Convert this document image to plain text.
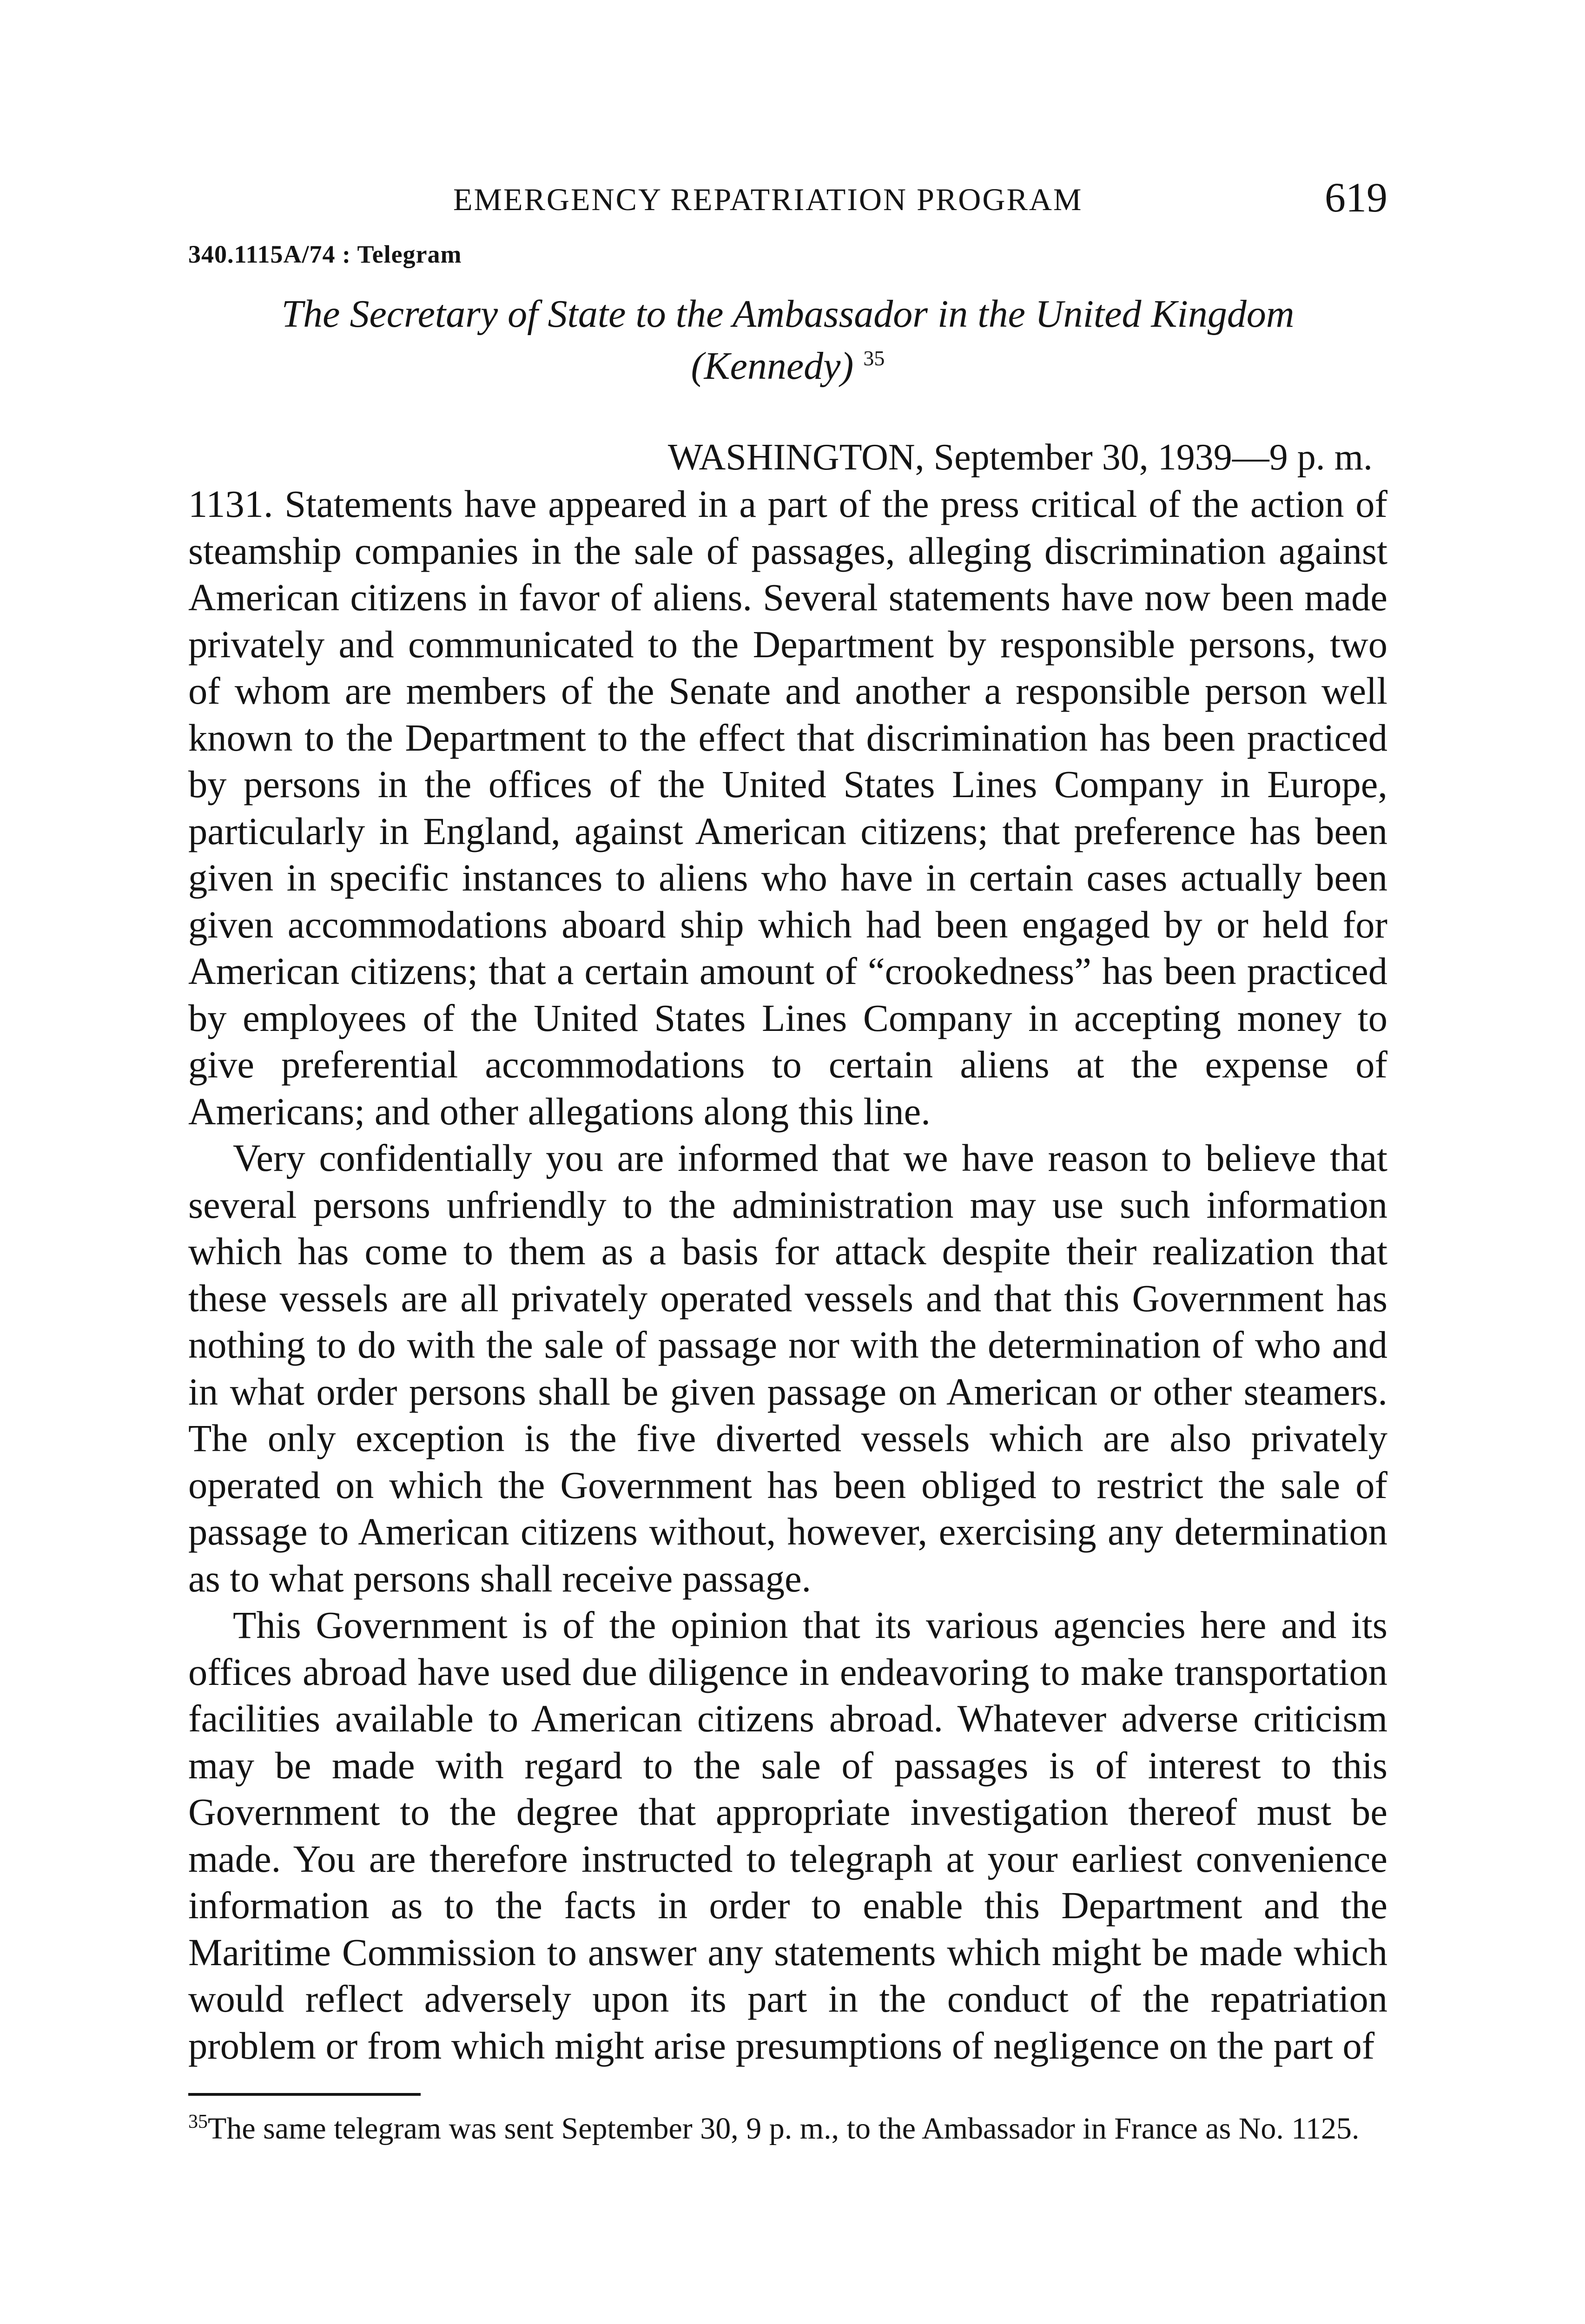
EMERGENCY REPATRIATION PROGRAM	619
340.1115A/74 : Telegram
The Secretary of State to the Ambassador in the United Kingdom
(Kennedy) $^{35}$
WASHINGTON, September 30, 1939—9 p. m.

1131. Statements have appeared in a part of the press critical of the action of steamship companies in the sale of passages, alleging discrimination against American citizens in favor of aliens. Several statements have now been made privately and communicated to the Department by responsible persons, two of whom are members of the Senate and another a responsible person well known to the Department to the effect that discrimination has been practiced by persons in the offices of the United States Lines Company in Europe, particularly in England, against American citizens; that preference has been given in specific instances to aliens who have in certain cases actually been given accommodations aboard ship which had been engaged by or held for American citizens; that a certain amount of “crookedness” has been practiced by employees of the United States Lines Company in accepting money to give preferential accommodations to certain aliens at the expense of Americans; and other allegations along this line.

Very confidentially you are informed that we have reason to believe that several persons unfriendly to the administration may use such information which has come to them as a basis for attack despite their realization that these vessels are all privately operated vessels and that this Government has nothing to do with the sale of passage nor with the determination of who and in what order persons shall be given passage on American or other steamers. The only exception is the five diverted vessels which are also privately operated on which the Government has been obliged to restrict the sale of passage to American citizens without, however, exercising any determination as to what persons shall receive passage.

This Government is of the opinion that its various agencies here and its offices abroad have used due diligence in endeavoring to make transportation facilities available to American citizens abroad. Whatever adverse criticism may be made with regard to the sale of passages is of interest to this Government to the degree that appropriate investigation thereof must be made. You are therefore instructed to telegraph at your earliest convenience information as to the facts in order to enable this Department and the Maritime Commission to answer any statements which might be made which would reflect adversely upon its part in the conduct of the repatriation problem or from which might arise presumptions of negligence on the part of

$^{35}$The same telegram was sent September 30, 9 p. m., to the Ambassador in France as No. 1125.
